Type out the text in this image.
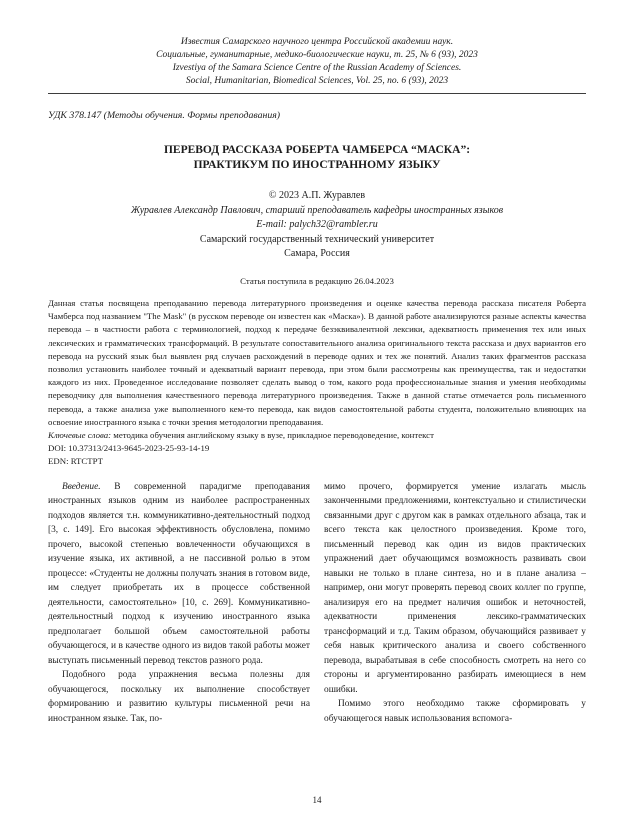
Известия Самарского научного центра Российской академии наук.
Социальные, гуманитарные, медико-биологические науки, т. 25, № 6 (93), 2023
Izvestiya of the Samara Science Centre of the Russian Academy of Sciences.
Social, Humanitarian, Biomedical Sciences, Vol. 25, no. 6 (93), 2023
УДК 378.147 (Методы обучения. Формы преподавания)
ПЕРЕВОД РАССКАЗА РОБЕРТА ЧАМБЕРСА “МАСКА”:
ПРАКТИКУМ ПО ИНОСТРАННОМУ ЯЗЫКУ
© 2023 А.П. Журавлев
Журавлев Александр Павлович, старший преподаватель кафедры иностранных языков
E-mail: palych32@rambler.ru
Самарский государственный технический университет
Самара, Россия
Статья поступила в редакцию 26.04.2023
Данная статья посвящена преподаванию перевода литературного произведения и оценке качества перевода рассказа писателя Роберта Чамберса под названием "The Mask" (в русском переводе он известен как «Маска»). В данной работе анализируются разные аспекты качества перевода – в частности работа с терминологией, подход к передаче безэквивалентной лексики, адекватность применения тех или иных лексических и грамматических трансформаций. В результате сопоставительного анализа оригинального текста рассказа и двух вариантов его перевода на русский язык был выявлен ряд случаев расхождений в переводе одних и тех же понятий. Анализ таких фрагментов рассказа позволил установить наиболее точный и адекватный вариант перевода, при этом были рассмотрены как преимущества, так и недостатки каждого из них. Проведенное исследование позволяет сделать вывод о том, какого рода профессиональные знания и умения необходимы переводчику для выполнения качественного перевода литературного произведения. Также в данной статье отмечается роль письменного перевода, а также анализа уже выполненного кем-то перевода, как видов самостоятельной работы студента, положительно влияющих на освоение иностранного языка с точки зрения методологии преподавания.
Ключевые слова: методика обучения английскому языку в вузе, прикладное переводоведение, контекст
DOI: 10.37313/2413-9645-2023-25-93-14-19
EDN: RTCTPT

Введение. В современной парадигме преподавания иностранных языков одним из наиболее распространенных подходов является т.н. коммуникативно-деятельностный подход [3, с. 149]. Его высокая эффективность обусловлена, помимо прочего, высокой степенью вовлеченности обучающихся в изучение языка, их активной, а не пассивной ролью в этом процессе: «Студенты не должны получать знания в готовом виде, им следует приобретать их в процессе собственной деятельности, самостоятельно» [10, с. 269]. Коммуникативно-деятельностный подход к изучению иностранного языка предполагает большой объем самостоятельной работы обучающегося, и в качестве одного из видов такой работы может выступать письменный перевод текстов разного рода.

Подобного рода упражнения весьма полезны для обучающегося, поскольку их выполнение способствует формированию и развитию культуры письменной речи на иностранном языке. Так, по-

мимо прочего, формируется умение излагать мысль законченными предложениями, контекстуально и стилистически связанными друг с другом как в рамках отдельного абзаца, так и всего текста как целостного произведения. Кроме того, письменный перевод как один из видов практических упражнений дает обучающимся возможность развивать свои навыки не только в плане синтеза, но и в плане анализа – например, они могут проверять перевод своих коллег по группе, анализируя его на предмет наличия ошибок и неточностей, адекватности применения лексико-грамматических трансформаций и т.д. Таким образом, обучающийся развивает у себя навык критического анализа и своего собственного перевода, вырабатывая в себе способность смотреть на него со стороны и аргументированно разбирать имеющиеся в нем ошибки.

Помимо этого необходимо также сформировать у обучающегося навык использования вспомога-

14
